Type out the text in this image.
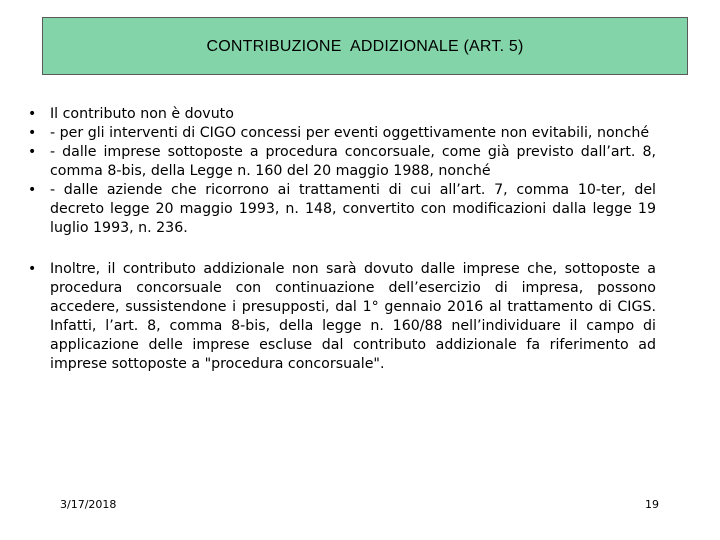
CONTRIBUZIONE  ADDIZIONALE (ART. 5)
• Il contributo non è dovuto
• - per gli interventi di CIGO concessi per eventi oggettivamente non evitabili, nonché
• - dalle imprese sottoposte a procedura concorsuale, come già previsto dall’art. 8, comma 8-bis, della Legge n. 160 del 20 maggio 1988, nonché
• - dalle aziende che ricorrono ai trattamenti di cui all’art. 7, comma 10-ter, del decreto legge 20 maggio 1993, n. 148, convertito con modificazioni dalla legge 19 luglio 1993, n. 236.
• Inoltre, il contributo addizionale non sarà dovuto dalle imprese che, sottoposte a procedura concorsuale con continuazione dell’esercizio di impresa, possono accedere, sussistendone i presupposti, dal 1° gennaio 2016 al trattamento di CIGS. Infatti, l’art. 8, comma 8-bis, della legge n. 160/88 nell’individuare il campo di applicazione delle imprese escluse dal contributo addizionale fa riferimento ad imprese sottoposte a "procedura concorsuale".
3/17/2018	19
